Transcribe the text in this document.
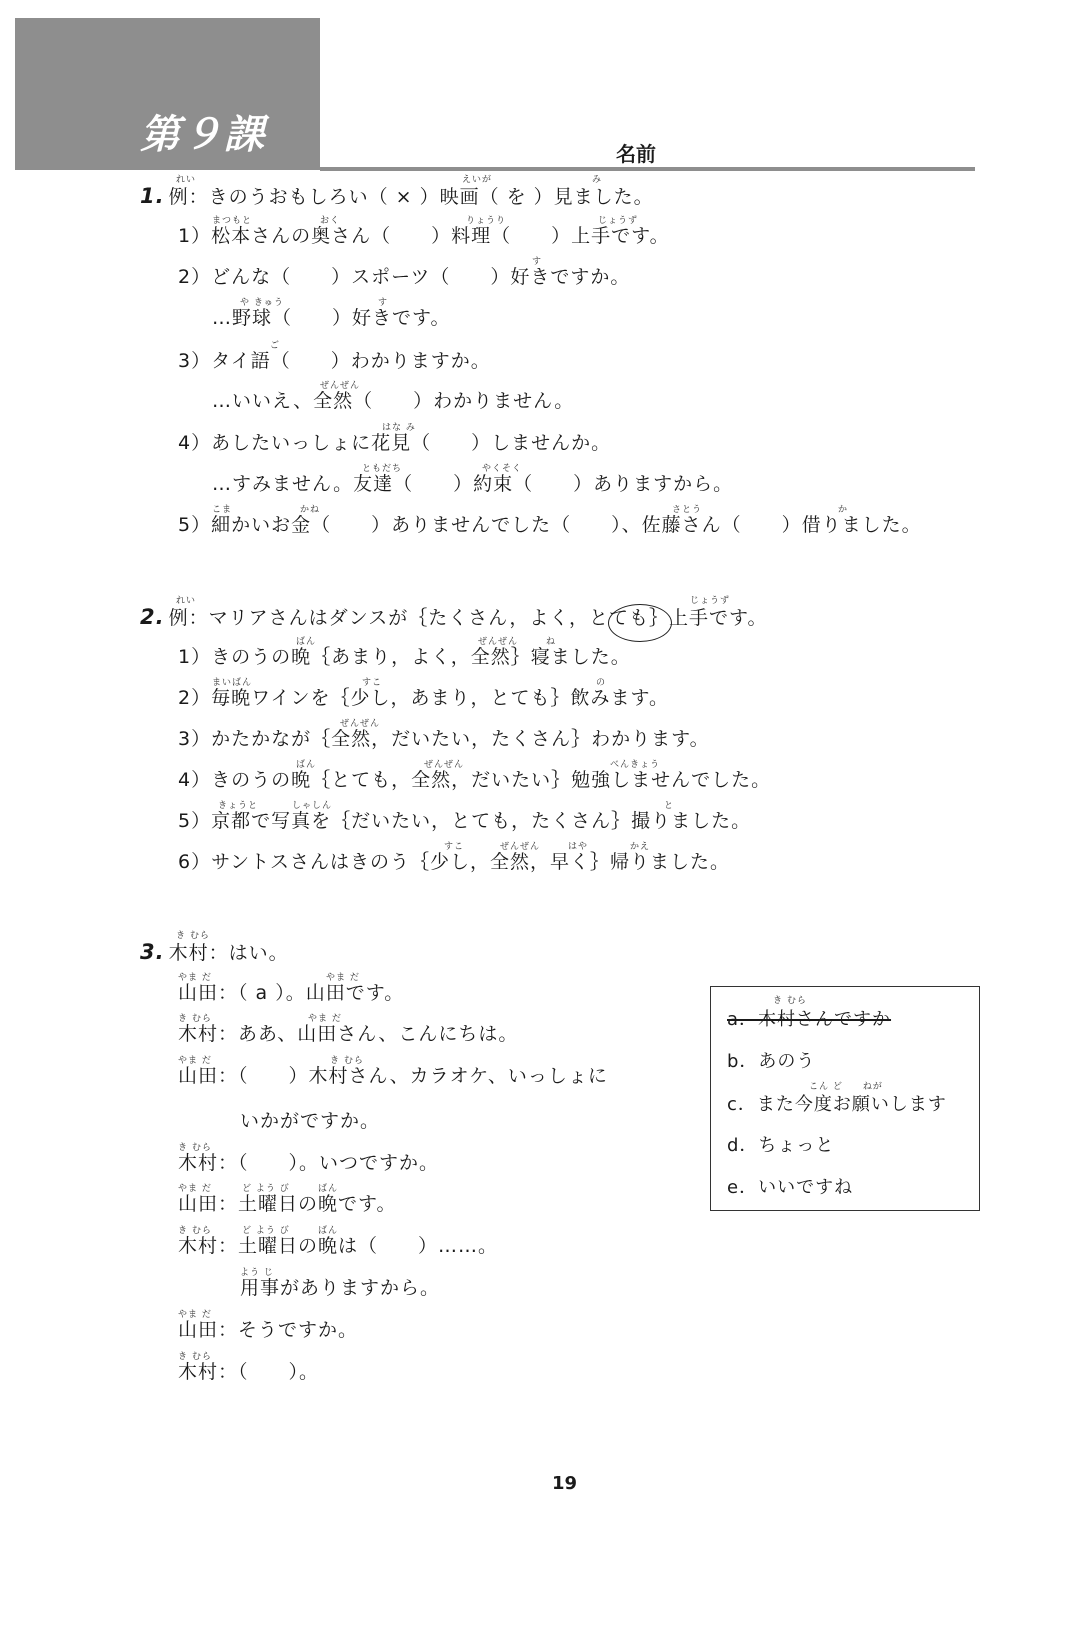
第９課	名前
1. 例：きのうおもしろい（ × ）映画（ を ）見ました。
れい	えいが	み
1）松本さんの奥さん（　　）料理（　　）上手です。
まつもと	おく	りょうり	じょうず
2）どんな（　　）スポーツ（　　）好きですか。
す
…野球（　　）好きです。
や きゅう	す
3）タイ語（　　）わかりますか。
ご
…いいえ、全然（　　）わかりません。
ぜんぜん
4）あしたいっしょに花見（　　）しませんか。
はな み
…すみません。友達（　　）約束（　　）ありますから。
ともだち	やくそく
5）細かいお金（　　）ありませんでした（　　）、佐藤さん（　　）借りました。
こま	かね	さとう	か
2. 例：マリアさんはダンスが｛たくさん，よく，とても｝上手です。
れい	じょうず
1）きのうの晩｛あまり，よく，全然｝寝ました。
ばん	ぜんぜん	ね
2）毎晩ワインを｛少し，あまり，とても｝飲みます。
まいばん	すこ	の
3）かたかなが｛全然，だいたい，たくさん｝わかります。
ぜんぜん
4）きのうの晩｛とても，全然，だいたい｝勉強しませんでした。
ばん	ぜんぜん	べんきょう
5）京都で写真を｛だいたい，とても，たくさん｝撮りました。
きょうと	しゃしん	と
6）サントスさんはきのう｛少し，全然，早く｝帰りました。
すこ	ぜんぜん	はや	かえ
3. 木村：はい。
き むら
山田：（ a ）。山田です。
やま だ	やま だ
木村：ああ、山田さん、こんにちは。
き むら	やま だ
山田：（　　）木村さん、カラオケ、いっしょに
やま だ	き むら
いかがですか。
木村：（　　）。いつですか。
き むら
山田：土曜日の晩です。
やま だ	ど よう び	ばん
木村：土曜日の晩は（　　）……。
き むら	ど よう び	ばん
用事がありますから。
よう じ
山田：そうですか。
やま だ
木村：（　　）。
き むら
き むら
a．木村さんですか
b．あのう
こん ど　　ねが
c．また今度お願いします
d．ちょっと
e．いいですね
19
